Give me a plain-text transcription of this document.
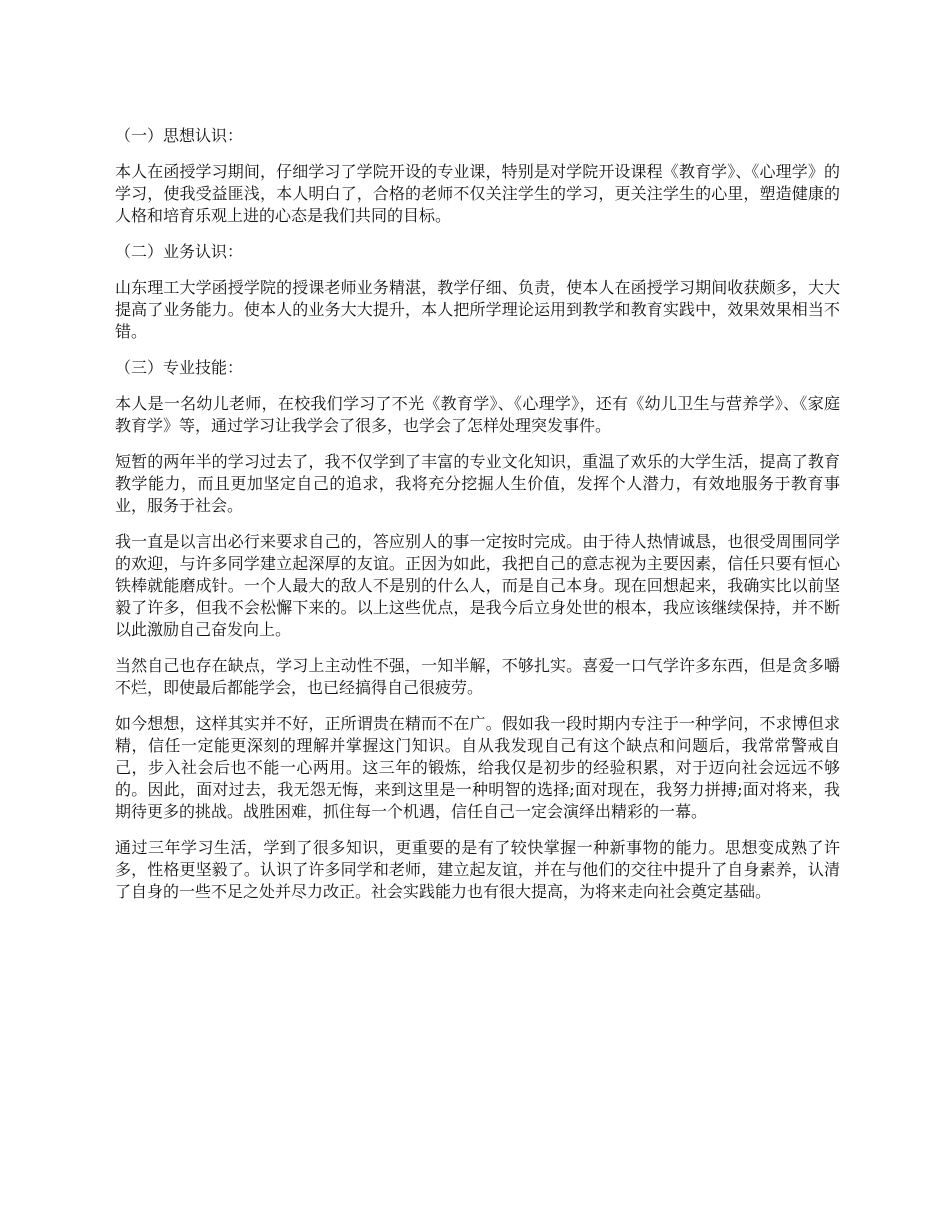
（一）思想认识：

本人在函授学习期间，仔细学习了学院开设的专业课，特别是对学院开设课程《教育学》、《心理学》的学习，使我受益匪浅，本人明白了，合格的老师不仅关注学生的学习，更关注学生的心里，塑造健康的人格和培育乐观上进的心态是我们共同的目标。

（二）业务认识：

山东理工大学函授学院的授课老师业务精湛，教学仔细、负责，使本人在函授学习期间收获颇多，大大提高了业务能力。使本人的业务大大提升，本人把所学理论运用到教学和教育实践中，效果效果相当不错。

（三）专业技能：

本人是一名幼儿老师，在校我们学习了不光《教育学》、《心理学》，还有《幼儿卫生与营养学》、《家庭教育学》等，通过学习让我学会了很多，也学会了怎样处理突发事件。

短暂的两年半的学习过去了，我不仅学到了丰富的专业文化知识，重温了欢乐的大学生活，提高了教育教学能力，而且更加坚定自己的追求，我将充分挖掘人生价值，发挥个人潜力，有效地服务于教育事业，服务于社会。

我一直是以言出必行来要求自己的，答应别人的事一定按时完成。由于待人热情诚恳，也很受周围同学的欢迎，与许多同学建立起深厚的友谊。正因为如此，我把自己的意志视为主要因素，信任只要有恒心铁棒就能磨成针。一个人最大的敌人不是别的什么人，而是自己本身。现在回想起来，我确实比以前坚毅了许多，但我不会松懈下来的。以上这些优点，是我今后立身处世的根本，我应该继续保持，并不断以此激励自己奋发向上。

当然自己也存在缺点，学习上主动性不强，一知半解，不够扎实。喜爱一口气学许多东西，但是贪多嚼不烂，即使最后都能学会，也已经搞得自己很疲劳。

如今想想，这样其实并不好，正所谓贵在精而不在广。假如我一段时期内专注于一种学问，不求博但求精，信任一定能更深刻的理解并掌握这门知识。自从我发现自己有这个缺点和问题后，我常常警戒自己，步入社会后也不能一心两用。这三年的锻炼，给我仅是初步的经验积累，对于迈向社会远远不够的。因此，面对过去，我无怨无悔，来到这里是一种明智的选择;面对现在，我努力拼搏;面对将来，我期待更多的挑战。战胜困难，抓住每一个机遇，信任自己一定会演绎出精彩的一幕。

通过三年学习生活，学到了很多知识，更重要的是有了较快掌握一种新事物的能力。思想变成熟了许多，性格更坚毅了。认识了许多同学和老师，建立起友谊，并在与他们的交往中提升了自身素养，认清了自身的一些不足之处并尽力改正。社会实践能力也有很大提高，为将来走向社会奠定基础。
